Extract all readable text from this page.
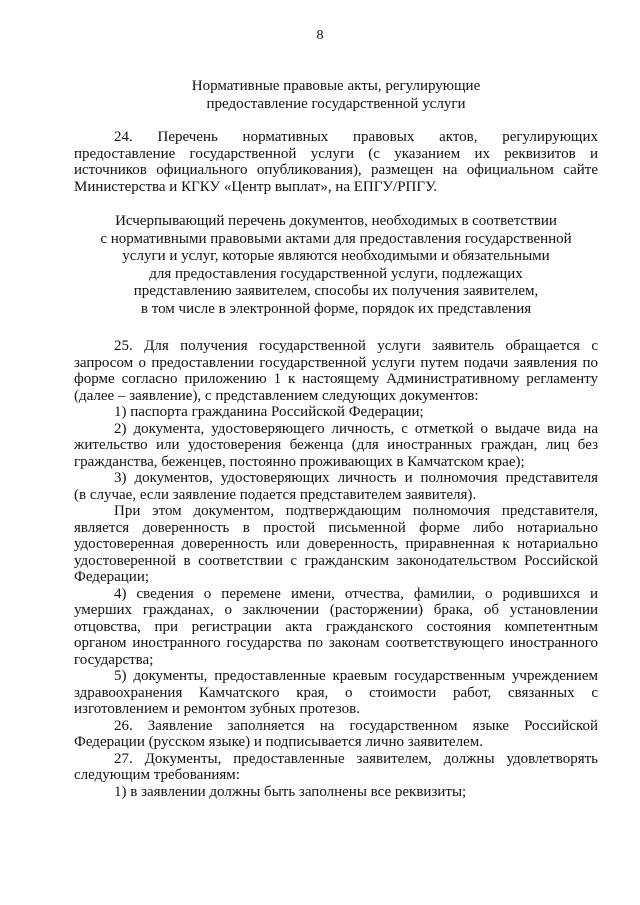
8
Нормативные правовые акты, регулирующие
предоставление государственной услуги
24. Перечень нормативных правовых актов, регулирующих
предоставление государственной услуги (с указанием их реквизитов и
источников официального опубликования), размещен на официальном сайте
Министерства и КГКУ «Центр выплат», на ЕПГУ/РПГУ.
Исчерпывающий перечень документов, необходимых в соответствии
с нормативными правовыми актами для предоставления государственной
услуги и услуг, которые являются необходимыми и обязательными
для предоставления государственной услуги, подлежащих
представлению заявителем, способы их получения заявителем,
в том числе в электронной форме, порядок их представления
25. Для получения государственной услуги заявитель обращается с
запросом о предоставлении государственной услуги путем подачи заявления по
форме согласно приложению 1 к настоящему Административному регламенту
(далее – заявление), с представлением следующих документов:
1) паспорта гражданина Российской Федерации;
2) документа, удостоверяющего личность, с отметкой о выдаче вида на
жительство или удостоверения беженца (для иностранных граждан, лиц без
гражданства, беженцев, постоянно проживающих в Камчатском крае);
3) документов, удостоверяющих личность и полномочия представителя
(в случае, если заявление подается представителем заявителя).
При этом документом, подтверждающим полномочия представителя,
является доверенность в простой письменной форме либо нотариально
удостоверенная доверенность или доверенность, приравненная к нотариально
удостоверенной в соответствии с гражданским законодательством Российской
Федерации;
4) сведения о перемене имени, отчества, фамилии, о родившихся и
умерших гражданах, о заключении (расторжении) брака, об установлении
отцовства, при регистрации акта гражданского состояния компетентным
органом иностранного государства по законам соответствующего иностранного
государства;
5) документы, предоставленные краевым государственным учреждением
здравоохранения Камчатского края, о стоимости работ, связанных с
изготовлением и ремонтом зубных протезов.
26. Заявление заполняется на государственном языке Российской
Федерации (русском языке) и подписывается лично заявителем.
27. Документы, предоставленные заявителем, должны удовлетворять
следующим требованиям:
1) в заявлении должны быть заполнены все реквизиты;
